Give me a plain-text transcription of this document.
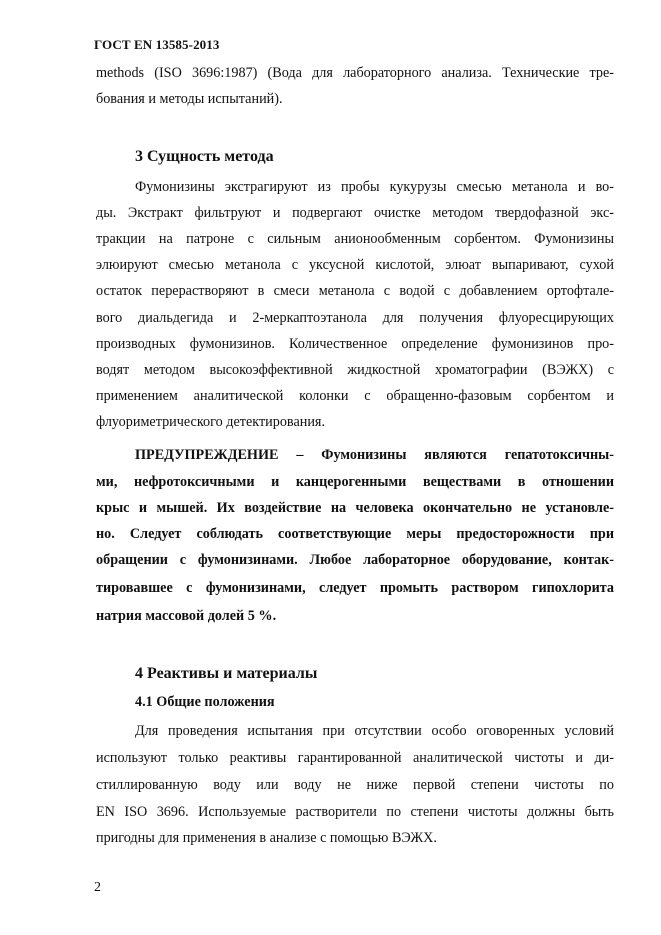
ГОСТ EN 13585-2013
methods (ISO 3696:1987) (Вода для лабораторного анализа. Технические тре-
бования и методы испытаний).
3 Сущность метода
Фумонизины экстрагируют из пробы кукурузы смесью метанола и во-
ды. Экстракт фильтруют и подвергают очистке методом твердофазной экс-
тракции на патроне с сильным анионообменным сорбентом. Фумонизины
элюируют смесью метанола с уксусной кислотой, элюат выпаривают, сухой
остаток перерастворяют в смеси метанола с водой с добавлением ортофтале-
вого диальдегида и 2-меркаптоэтанола для получения флуоресцирующих
производных фумонизинов. Количественное определение фумонизинов про-
водят методом высокоэффективной жидкостной хроматографии (ВЭЖХ) с
применением аналитической колонки с обращенно-фазовым сорбентом и
флуориметрического детектирования.
ПРЕДУПРЕЖДЕНИЕ – Фумонизины являются гепатотоксичны-
ми, нефротоксичными и канцерогенными веществами в отношении
крыс и мышей. Их воздействие на человека окончательно не установле-
но. Следует соблюдать соответствующие меры предосторожности при
обращении с фумонизинами. Любое лабораторное оборудование, контак-
тировавшее с фумонизинами, следует промыть раствором гипохлорита
натрия массовой долей 5 %.
4 Реактивы и материалы
4.1 Общие положения
Для проведения испытания при отсутствии особо оговоренных условий
используют только реактивы гарантированной аналитической чистоты и ди-
стиллированную воду или воду не ниже первой степени чистоты по
EN ISO 3696. Используемые растворители по степени чистоты должны быть
пригодны для применения в анализе с помощью ВЭЖХ.
2
